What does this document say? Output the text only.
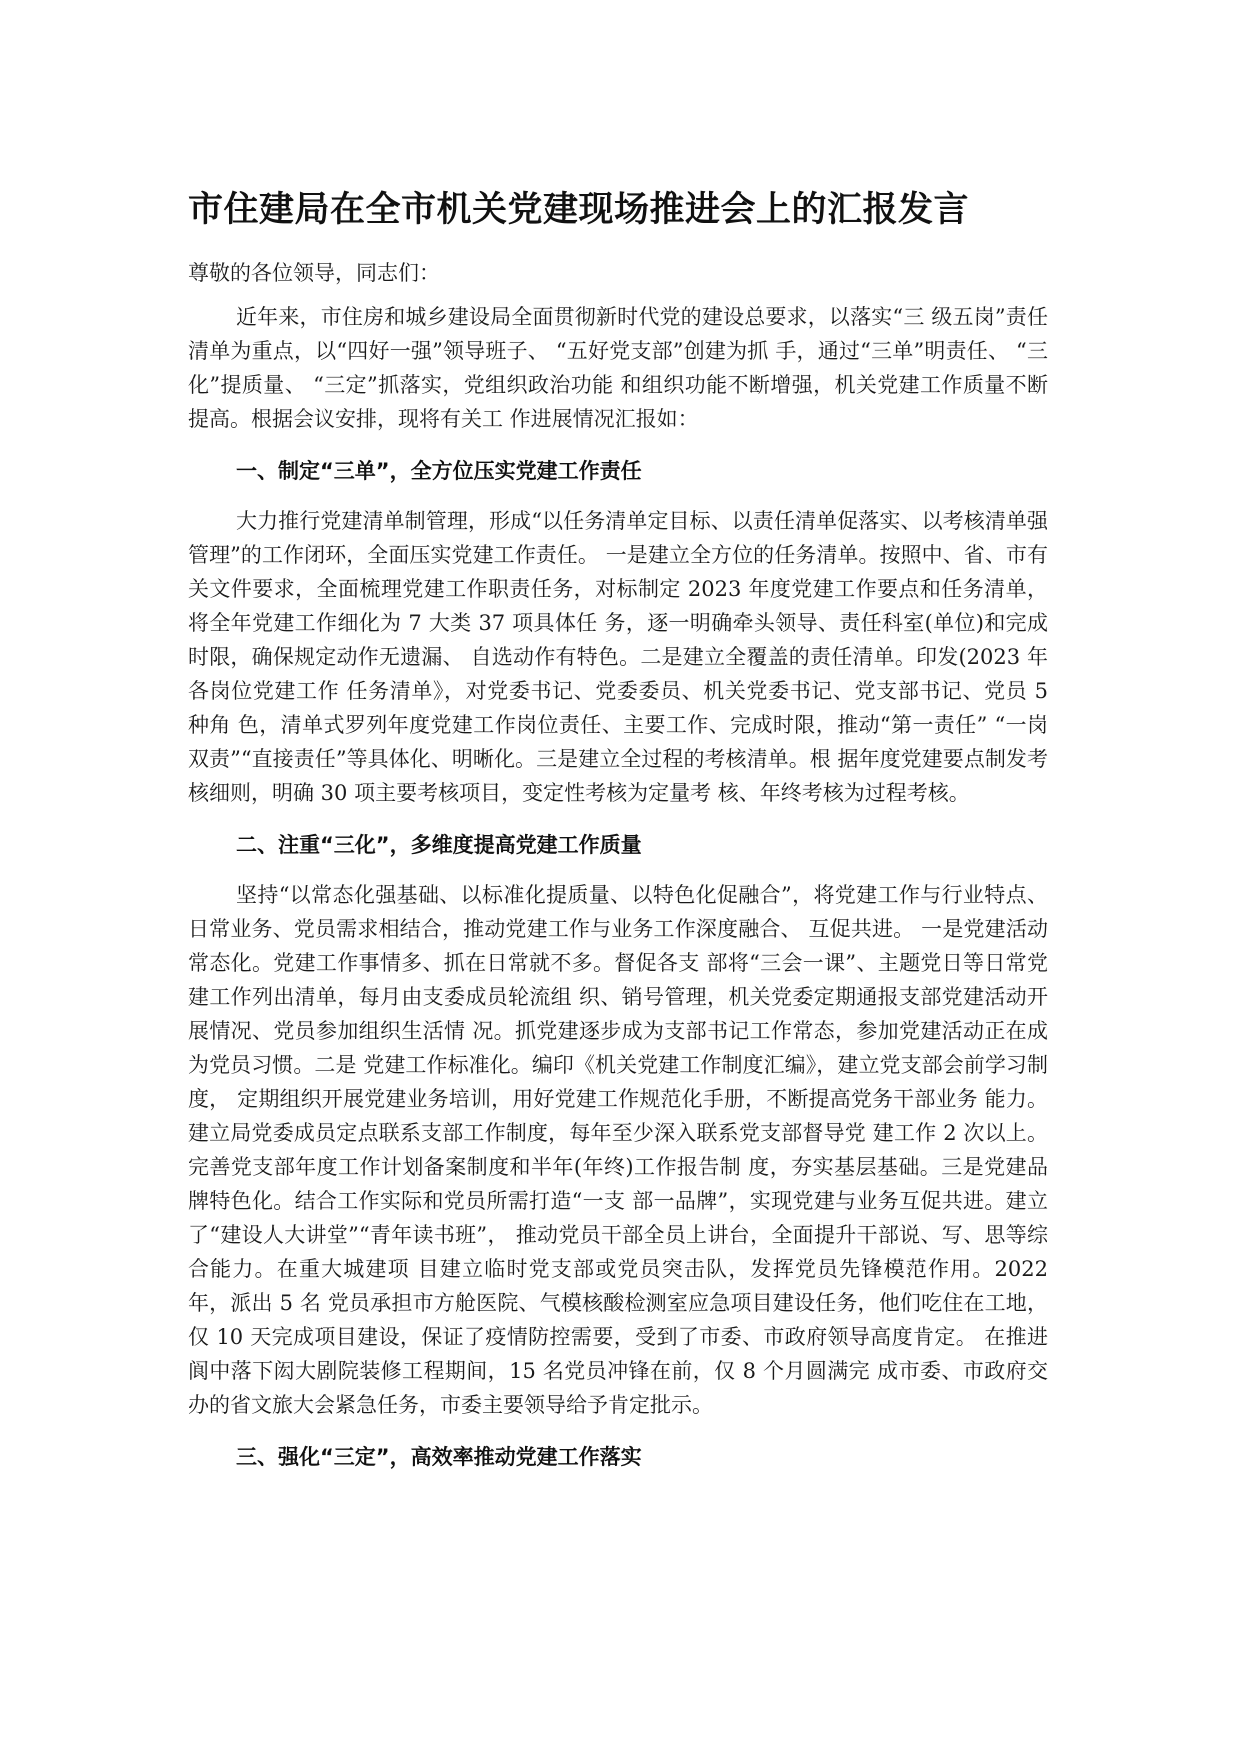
市住建局在全市机关党建现场推进会上的汇报发言
尊敬的各位领导，同志们：

近年来，市住房和城乡建设局全面贯彻新时代党的建设总要求，以落实“三 级五岗”责任清单为重点，以“四好一强”领导班子、 “五好党支部”创建为抓 手，通过“三单”明责任、 “三化”提质量、 “三定”抓落实，党组织政治功能 和组织功能不断增强，机关党建工作质量不断提高。根据会议安排，现将有关工 作进展情况汇报如：

一、制定“三单”，全方位压实党建工作责任

大力推行党建清单制管理，形成“以任务清单定目标、以责任清单促落实、以考核清单强管理”的工作闭环，全面压实党建工作责任。 一是建立全方位的任务清单。按照中、省、市有关文件要求，全面梳理党建工作职责任务，对标制定 2023 年度党建工作要点和任务清单，将全年党建工作细化为 7 大类 37 项具体任 务，逐一明确牵头领导、责任科室(单位)和完成时限，确保规定动作无遗漏、 自选动作有特色。二是建立全覆盖的责任清单。印发(2023 年各岗位党建工作 任务清单》，对党委书记、党委委员、机关党委书记、党支部书记、党员 5 种角 色，清单式罗列年度党建工作岗位责任、主要工作、完成时限，推动“第一责任” “一岗双责”“直接责任”等具体化、明晰化。三是建立全过程的考核清单。根 据年度党建要点制发考核细则，明确 30 项主要考核项目，变定性考核为定量考 核、年终考核为过程考核。

二、注重“三化”，多维度提高党建工作质量

坚持“以常态化强基础、以标准化提质量、以特色化促融合”，将党建工作与行业特点、日常业务、党员需求相结合，推动党建工作与业务工作深度融合、 互促共进。 一是党建活动常态化。党建工作事情多、抓在日常就不多。督促各支 部将“三会一课”、主题党日等日常党建工作列出清单，每月由支委成员轮流组 织、销号管理，机关党委定期通报支部党建活动开展情况、党员参加组织生活情 况。抓党建逐步成为支部书记工作常态，参加党建活动正在成为党员习惯。二是 党建工作标准化。编印《机关党建工作制度汇编》，建立党支部会前学习制度， 定期组织开展党建业务培训，用好党建工作规范化手册，不断提高党务干部业务 能力。建立局党委成员定点联系支部工作制度，每年至少深入联系党支部督导党 建工作 2 次以上。完善党支部年度工作计划备案制度和半年(年终)工作报告制 度，夯实基层基础。三是党建品牌特色化。结合工作实际和党员所需打造“一支 部一品牌”，实现党建与业务互促共进。建立了“建设人大讲堂”“青年读书班”， 推动党员干部全员上讲台，全面提升干部说、写、思等综合能力。在重大城建项 目建立临时党支部或党员突击队，发挥党员先锋模范作用。2022 年，派出 5 名 党员承担市方舱医院、气模核酸检测室应急项目建设任务，他们吃住在工地，仅 10 天完成项目建设，保证了疫情防控需要，受到了市委、市政府领导高度肯定。 在推进阆中落下闳大剧院装修工程期间，15 名党员冲锋在前，仅 8 个月圆满完 成市委、市政府交办的省文旅大会紧急任务，市委主要领导给予肯定批示。

三、强化“三定”，高效率推动党建工作落实
